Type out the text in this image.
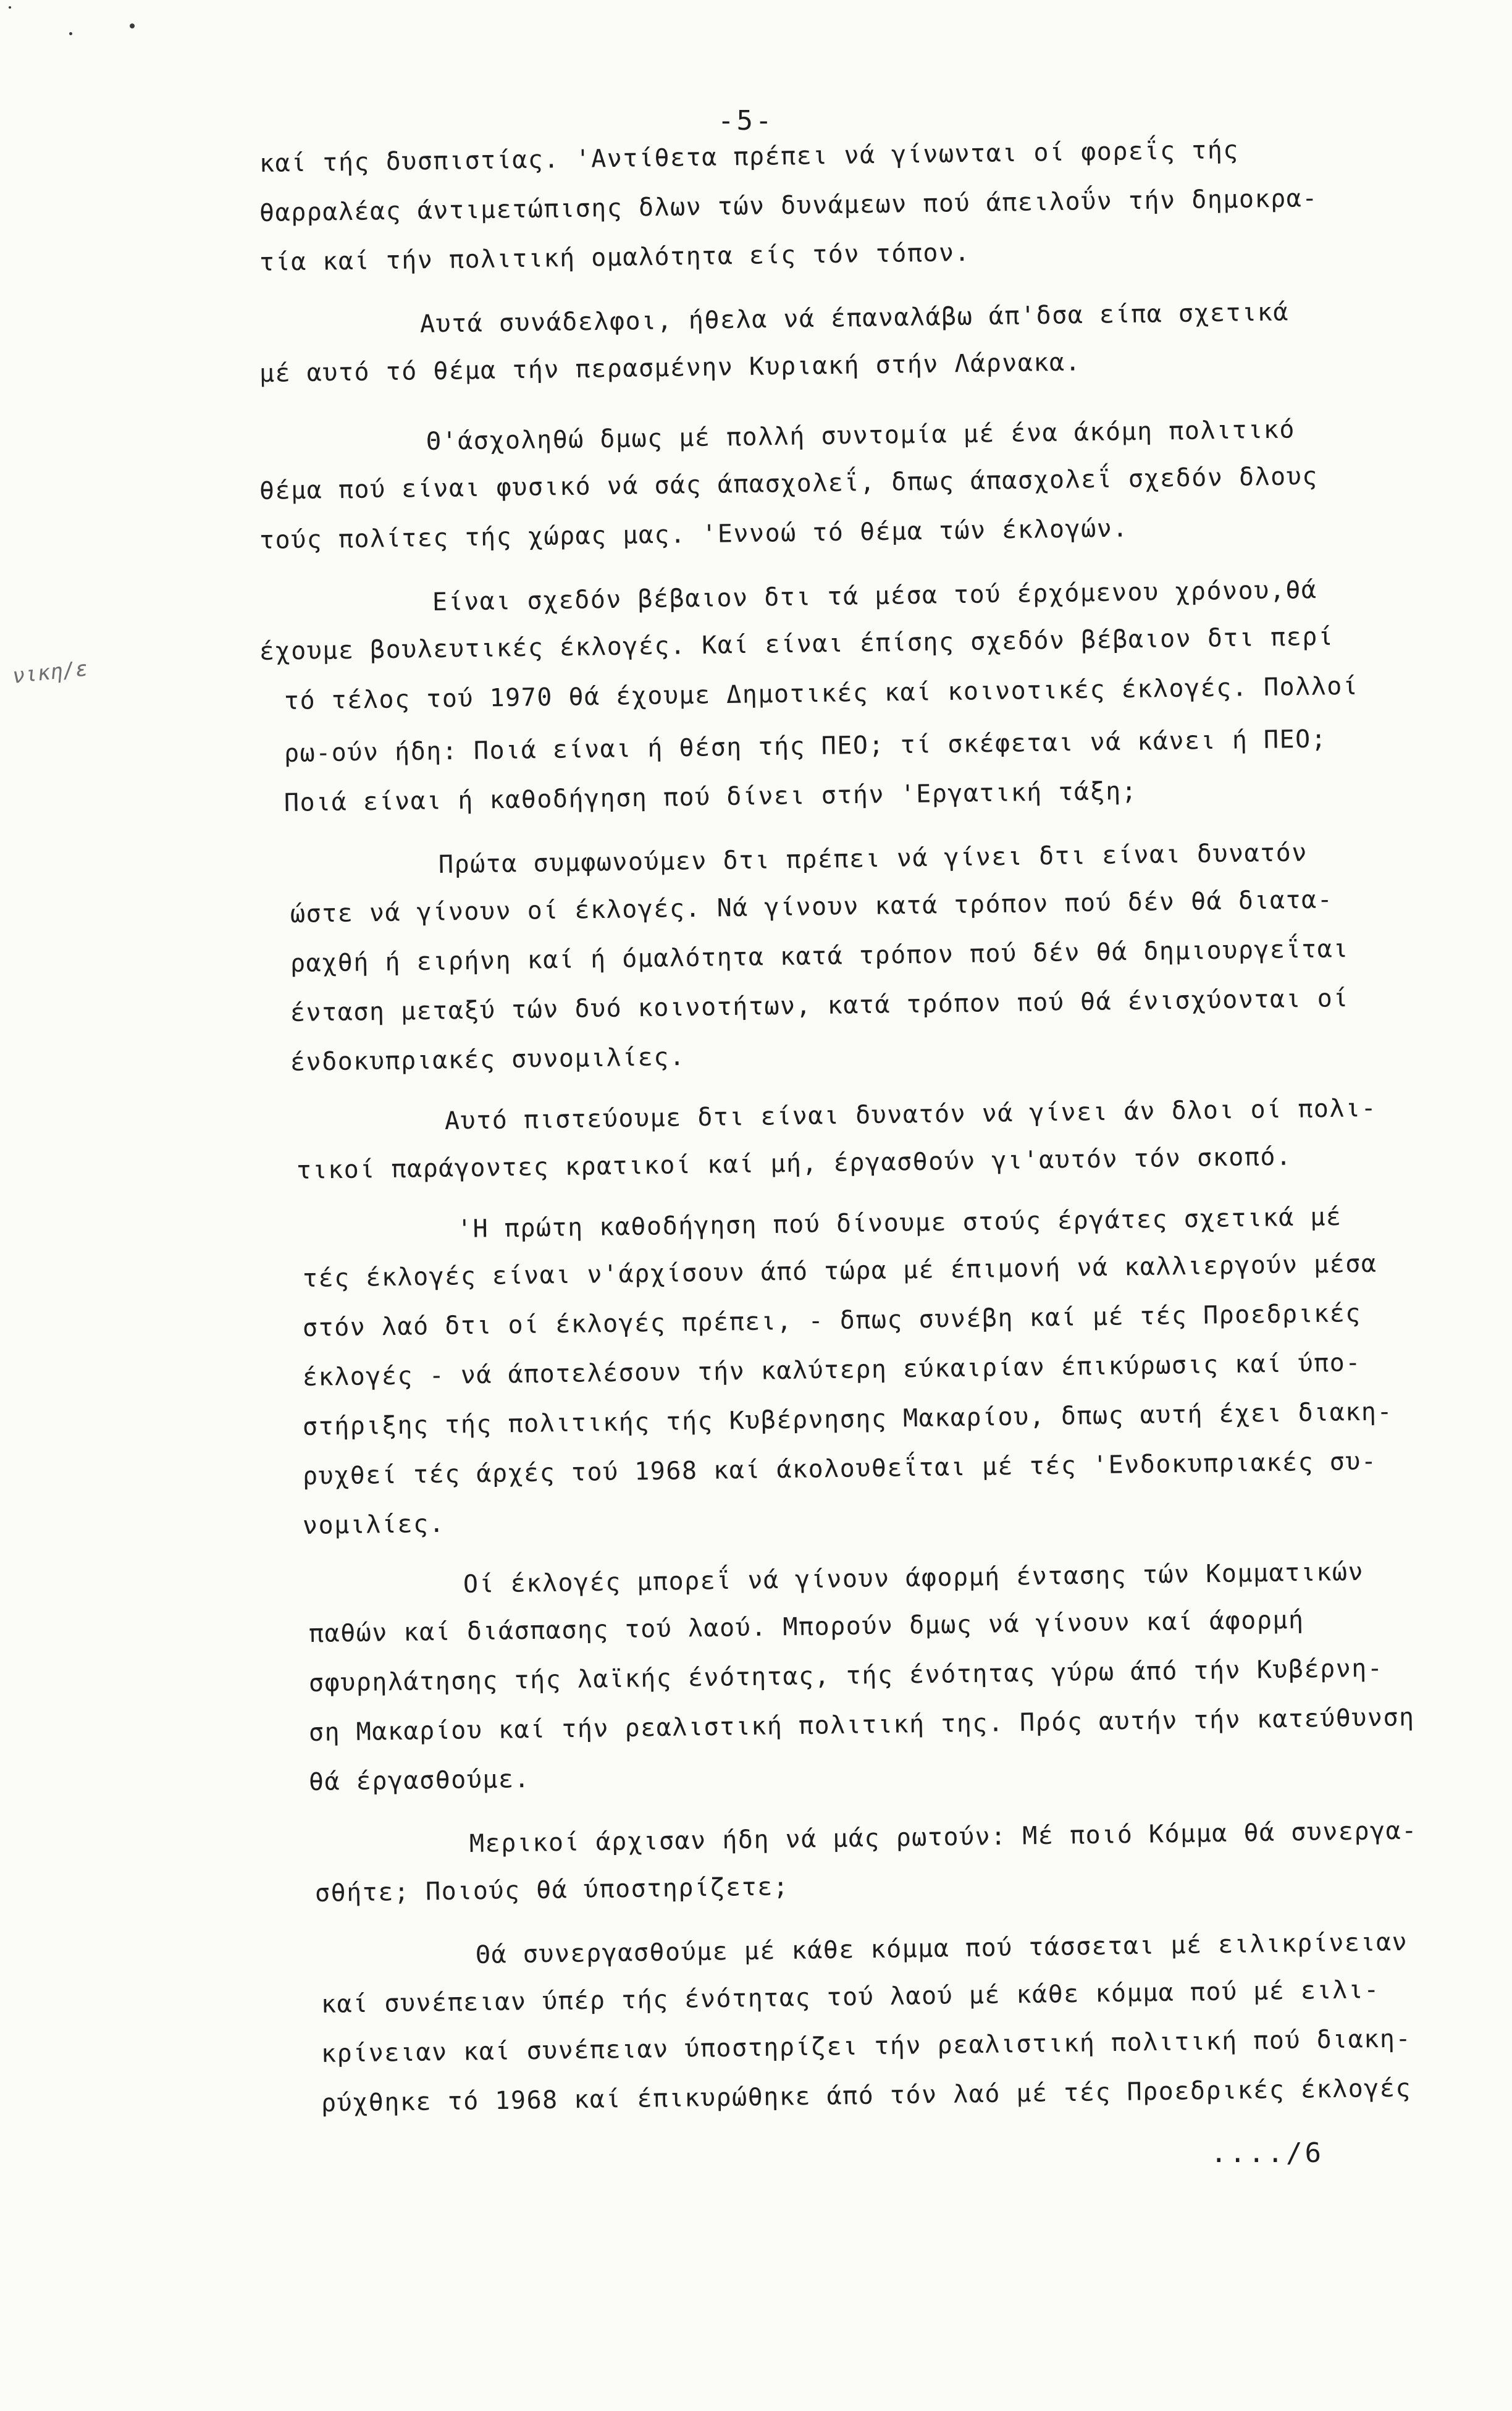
-5-
νικη/ε
καί τής δυσπιστίας. 'Αντίθετα πρέπει νά γίνωνται οί φορεΐς τής
θαρραλέας άντιμετώπισης δλων τών δυνάμεων πού άπειλοΰν τήν δημοκρα-
τία καί τήν πολιτική ομαλότητα είς τόν τόπον.
Αυτά συνάδελφοι, ήθελα νά έπαναλάβω άπ'δσα είπα σχετικά
μέ αυτό τό θέμα τήν περασμένην Κυριακή στήν Λάρνακα.
Θ'άσχοληθώ δμως μέ πολλή συντομία μέ ένα άκόμη πολιτικό
θέμα πού είναι φυσικό νά σάς άπασχολεΐ, δπως άπασχολεΐ σχεδόν δλους
τούς πολίτες τής χώρας μας. 'Εννοώ τό θέμα τών έκλογών.
Είναι σχεδόν βέβαιον δτι τά μέσα τού έρχόμενου χρόνου,θά
έχουμε βουλευτικές έκλογές. Καί είναι έπίσης σχεδόν βέβαιον δτι περί
τό τέλος τού 1970 θά έχουμε Δημοτικές καί κοινοτικές έκλογές. Πολλοί
ρω-ούν ήδη: Ποιά είναι ή θέση τής ΠΕΟ; τί σκέφεται νά κάνει ή ΠΕΟ;
Ποιά είναι ή καθοδήγηση πού δίνει στήν 'Εργατική τάξη;
Πρώτα συμφωνούμεν δτι πρέπει νά γίνει δτι είναι δυνατόν
ώστε νά γίνουν οί έκλογές. Νά γίνουν κατά τρόπον πού δέν θά διατα-
ραχθή ή ειρήνη καί ή όμαλότητα κατά τρόπον πού δέν θά δημιουργεΐται
ένταση μεταξύ τών δυό κοινοτήτων, κατά τρόπον πού θά ένισχύονται οί
ένδοκυπριακές συνομιλίες.
Αυτό πιστεύουμε δτι είναι δυνατόν νά γίνει άν δλοι οί πολι-
τικοί παράγοντες κρατικοί καί μή, έργασθούν γι'αυτόν τόν σκοπό.
'Η πρώτη καθοδήγηση πού δίνουμε στούς έργάτες σχετικά μέ
τές έκλογές είναι ν'άρχίσουν άπό τώρα μέ έπιμονή νά καλλιεργούν μέσα
στόν λαό δτι οί έκλογές πρέπει, - δπως συνέβη καί μέ τές Προεδρικές
έκλογές - νά άποτελέσουν τήν καλύτερη εύκαιρίαν έπικύρωσις καί ύπο-
στήριξης τής πολιτικής τής Κυβέρνησης Μακαρίου, δπως αυτή έχει διακη-
ρυχθεί τές άρχές τού 1968 καί άκολουθεΐται μέ τές 'Ενδοκυπριακές συ-
νομιλίες.
Οί έκλογές μπορεΐ νά γίνουν άφορμή έντασης τών Κομματικών
παθών καί διάσπασης τού λαού. Μπορούν δμως νά γίνουν καί άφορμή
σφυρηλάτησης τής λαϊκής ένότητας, τής ένότητας γύρω άπό τήν Κυβέρνη-
ση Μακαρίου καί τήν ρεαλιστική πολιτική της. Πρός αυτήν τήν κατεύθυνση
θά έργασθούμε.
Μερικοί άρχισαν ήδη νά μάς ρωτούν: Μέ ποιό Κόμμα θά συνεργα-
σθήτε; Ποιούς θά ύποστηρίζετε;
Θά συνεργασθούμε μέ κάθε κόμμα πού τάσσεται μέ ειλικρίνειαν
καί συνέπειαν ύπέρ τής ένότητας τού λαού μέ κάθε κόμμα πού μέ ειλι-
κρίνειαν καί συνέπειαν ύποστηρίζει τήν ρεαλιστική πολιτική πού διακη-
ρύχθηκε τό 1968 καί έπικυρώθηκε άπό τόν λαό μέ τές Προεδρικές έκλογές
..../6
